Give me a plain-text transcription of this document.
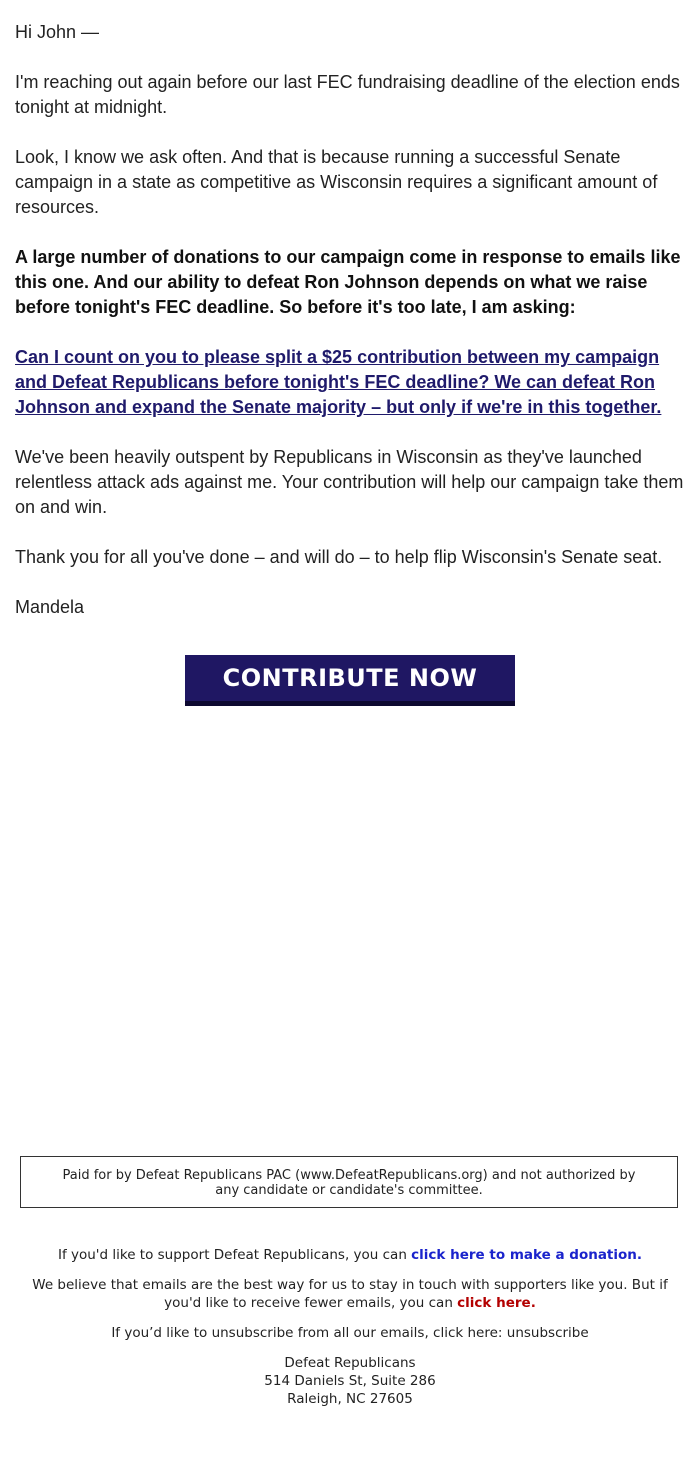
Hi John —

I'm reaching out again before our last FEC fundraising deadline of the election ends tonight at midnight.

Look, I know we ask often. And that is because running a successful Senate campaign in a state as competitive as Wisconsin requires a significant amount of resources.

A large number of donations to our campaign come in response to emails like this one. And our ability to defeat Ron Johnson depends on what we raise before tonight's FEC deadline. So before it's too late, I am asking:

Can I count on you to please split a $25 contribution between my campaign and Defeat Republicans before tonight's FEC deadline? We can defeat Ron Johnson and expand the Senate majority – but only if we're in this together.

We've been heavily outspent by Republicans in Wisconsin as they've launched relentless attack ads against me. Your contribution will help our campaign take them on and win.

Thank you for all you've done – and will do – to help flip Wisconsin's Senate seat.

Mandela

CONTRIBUTE NOW
Paid for by Defeat Republicans PAC (www.DefeatRepublicans.org) and not authorized by any candidate or candidate's committee.

If you'd like to support Defeat Republicans, you can click here to make a donation.

We believe that emails are the best way for us to stay in touch with supporters like you. But if you'd like to receive fewer emails, you can click here.

If you’d like to unsubscribe from all our emails, click here: unsubscribe

Defeat Republicans
514 Daniels St, Suite 286
Raleigh, NC 27605
